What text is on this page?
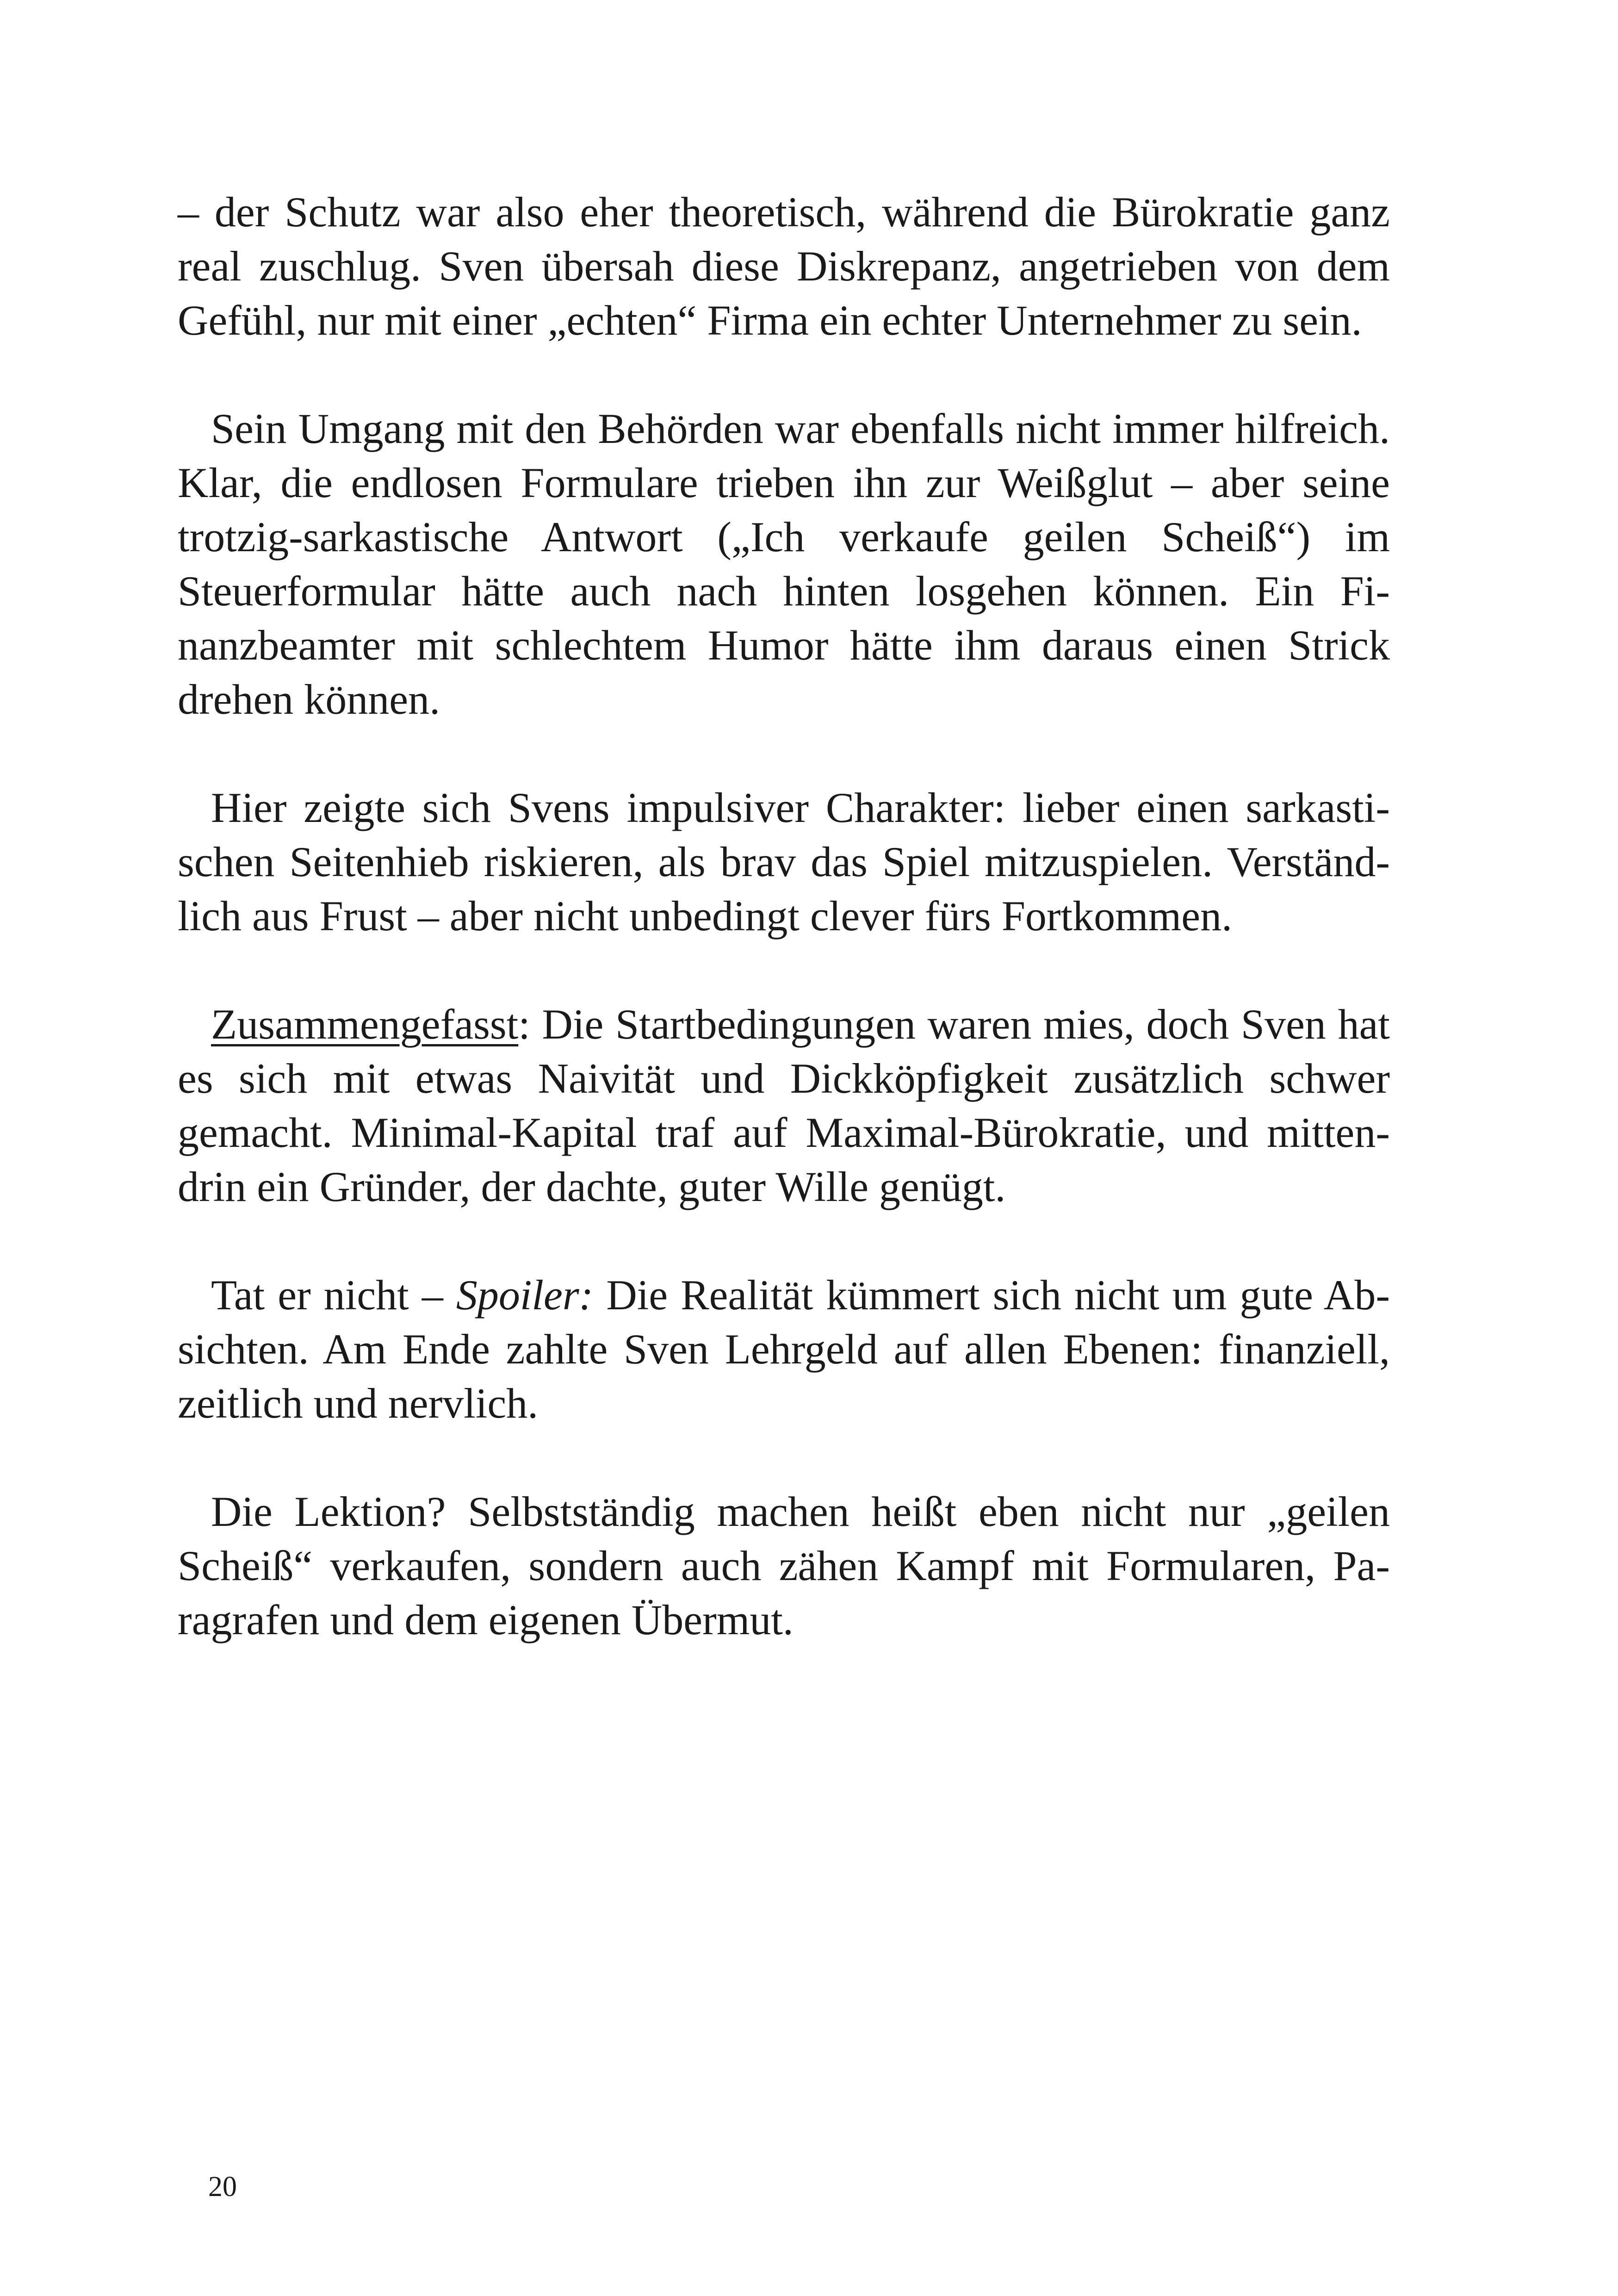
– der Schutz war also eher theoretisch, während die Bürokratie ganz real zuschlug. Sven übersah diese Diskrepanz, angetrieben von dem Gefühl, nur mit einer „echten“ Firma ein echter Unternehmer zu sein.

Sein Umgang mit den Behörden war ebenfalls nicht immer hilfreich. Klar, die endlosen Formulare trieben ihn zur Weißglut – aber seine trotzig-sarkastische Antwort („Ich verkaufe geilen Scheiß“) im Steuerformular hätte auch nach hinten losgehen können. Ein Finanzbeamter mit schlechtem Humor hätte ihm daraus einen Strick drehen können.

Hier zeigte sich Svens impulsiver Charakter: lieber einen sarkastischen Seitenhieb riskieren, als brav das Spiel mitzuspielen. Verständlich aus Frust – aber nicht unbedingt clever fürs Fortkommen.

Zusammengefasst: Die Startbedingungen waren mies, doch Sven hat es sich mit etwas Naivität und Dickköpfigkeit zusätzlich schwer gemacht. Minimal-Kapital traf auf Maximal-Bürokratie, und mittendrin ein Gründer, der dachte, guter Wille genügt.

Tat er nicht – Spoiler: Die Realität kümmert sich nicht um gute Absichten. Am Ende zahlte Sven Lehrgeld auf allen Ebenen: finanziell, zeitlich und nervlich.

Die Lektion? Selbstständig machen heißt eben nicht nur „geilen Scheiß“ verkaufen, sondern auch zähen Kampf mit Formularen, Paragrafen und dem eigenen Übermut.

20
